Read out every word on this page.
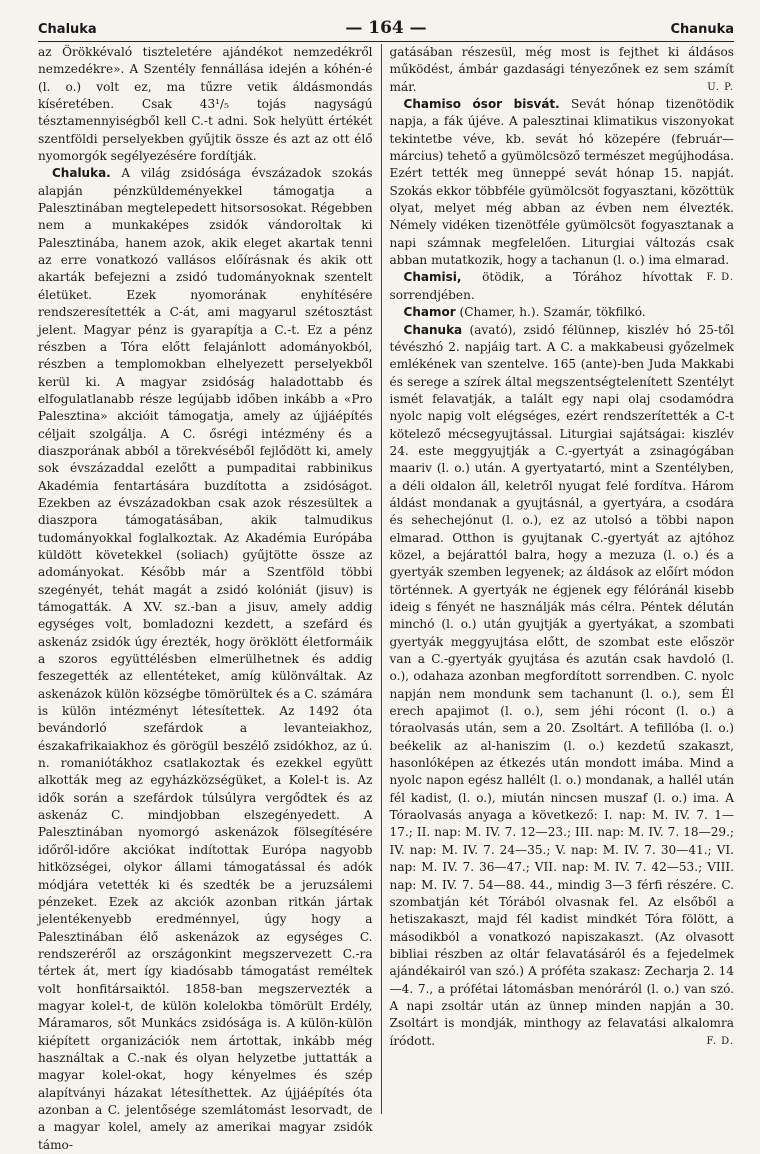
Chaluka	— 164 —	Chanuka

az Örökkévaló tiszteletére ajándékot nemzedékről nemzedékre». A Szentély fennállása idején a kóhén-é (l. o.) volt ez, ma tűzre vetik áldásmondás kíséretében. Csak 43¹/₅ tojás nagyságú tésztamennyiségből kell C.-t adni. Sok helyütt értékét szentföldi perselyekben gyűjtik össze és azt az ott élő nyomorgók segélyezésére fordítják.

Chaluka. A világ zsidósága évszázadok szokás alapján pénzküldeményekkel támogatja a Palesztinában megtelepedett hitsorsosokat. Régebben nem a munkaképes zsidók vándoroltak ki Palesztinába, hanem azok, akik eleget akartak tenni az erre vonatkozó vallásos előírásnak és akik ott akarták befejezni a zsidó tudományoknak szentelt életüket. Ezek nyomorának enyhítésére rendszeresítették a C-át, ami magyarul szétosztást jelent. Magyar pénz is gyarapítja a C.-t. Ez a pénz részben a Tóra előtt felajánlott adományokból, részben a templomokban elhelyezett perselyekből kerül ki. A magyar zsidóság haladottabb és elfogulatlanabb része legújabb időben inkább a «Pro Palesztina» akcióit támogatja, amely az újjáépítés céljait szolgálja. A C. ősrégi intézmény és a diaszporának abból a törekvéséből fejlődött ki, amely sok évszázaddal ezelőtt a pumpaditai rabbinikus Akadémia fentartására buzdította a zsidóságot. Ezekben az évszázadokban csak azok részesültek a diaszpora támogatásában, akik talmudikus tudományokkal foglalkoztak. Az Akadémia Európába küldött követekkel (soliach) gyűjtötte össze az adományokat. Később már a Szentföld többi szegényét, tehát magát a zsidó kolóniát (jisuv) is támogatták. A XV. sz.-ban a jisuv, amely addig egységes volt, bomladozni kezdett, a szefárd és askenáz zsidók úgy érezték, hogy öröklött életformáik a szoros együttélésben elmerülhetnek és addig feszegették az ellentéteket, amíg különváltak. Az askenázok külön községbe tömörültek és a C. számára is külön intézményt létesítettek. Az 1492 óta bevándorló szefárdok a levanteiakhoz, északafrikaiakhoz és görögül beszélő zsidókhoz, az ú. n. romaniótákhoz csatlakoztak és ezekkel együtt alkották meg az egyházközségüket, a Kolel-t is. Az idők során a szefárdok túlsúlyra vergődtek és az askenáz C. mindjobban elszegényedett. A Palesztinában nyomorgó askenázok fölsegítésére időről-időre akciókat indítottak Európa nagyobb hitközségei, olykor állami támogatással és adók módjára vetették ki és szedték be a jeruzsálemi pénzeket. Ezek az akciók azonban ritkán jártak jelentékenyebb eredménnyel, úgy hogy a Palesztinában élő askenázok az egységes C. rendszeréről az országonkint megszervezett C.-ra tértek át, mert így kiadósabb támogatást reméltek volt honfitársaiktól. 1858-ban megszervezték a magyar kolel-t, de külön kolelokba tömörült Erdély, Máramaros, sőt Munkács zsidósága is. A külön-külön kiépített organizációk nem ártottak, inkább még használtak a C.-nak és olyan helyzetbe juttatták a magyar kolel-okat, hogy kényelmes és szép alapítványi házakat létesíthettek. Az újjáépítés óta azonban a C. jelentősége szemlátomást lesorvadt, de a magyar kolel, amely az amerikai magyar zsidók támo-

gatásában részesül, még most is fejthet ki áldásos működést, ámbár gazdasági tényezőnek ez sem számít már.	U. P.

Chamiso ósor bisvát. Sevát hónap tizenötödik napja, a fák újéve. A palesztinai klimatikus viszonyokat tekintetbe véve, kb. sevát hó közepére (február—március) tehető a gyümölcsöző természet megújhodása. Ezért tették meg ünneppé sevát hónap 15. napját. Szokás ekkor többféle gyümölcsöt fogyasztani, közöttük olyat, melyet még abban az évben nem élvezték. Némely vidéken tizenötféle gyümölcsöt fogyasztanak a napi számnak megfelelően. Liturgiai változás csak abban mutatkozik, hogy a tachanun (l. o.) ima elmarad.
F. D.

Chamisi, ötödik, a Tórához hívottak sorrendjében.

Chamor (Chamer, h.). Szamár, tökfilkó.

Chanuka (avató), zsidó félünnep, kiszlév hó 25-től tévészhó 2. napjáig tart. A C. a makkabeusi győzelmek emlékének van szentelve. 165 (ante)-ben Juda Makkabi és serege a szírek által megszentségtelenített Szentélyt ismét felavatják, a talált egy napi olaj csodamódra nyolc napig volt elégséges, ezért rendszerítették a C-t kötelező mécsegyujtással. Liturgiai sajátságai: kiszlév 24. este meggyujtják a C.-gyertyát a zsinagógában maariv (l. o.) után. A gyertyatartó, mint a Szentélyben, a déli oldalon áll, keletről nyugat felé fordítva. Három áldást mondanak a gyujtásnál, a gyertyára, a csodára és sehechejónut (l. o.), ez az utolsó a többi napon elmarad. Otthon is gyujtanak C.-gyertyát az ajtóhoz közel, a bejárattól balra, hogy a mezuza (l. o.) és a gyertyák szemben legyenek; az áldások az előírt módon történnek. A gyertyák ne égjenek egy félóránál kisebb ideig s fényét ne használják más célra. Péntek délután minchó (l. o.) után gyujtják a gyertyákat, a szombati gyertyák meggyujtása előtt, de szombat este először van a C.-gyertyák gyujtása és azután csak havdoló (l. o.), odahaza azonban megfordított sorrendben. C. nyolc napján nem mondunk sem tachanunt (l. o.), sem Él erech apajimot (l. o.), sem jéhi rócont (l. o.) a tóraolvasás után, sem a 20. Zsoltárt. A tefillóba (l. o.) beékelik az al-haniszim (l. o.) kezdetű szakaszt, hasonlóképen az étkezés után mondott imába. Mind a nyolc napon egész hallélt (l. o.) mondanak, a hallél után fél kadist, (l. o.), miután nincsen muszaf (l. o.) ima. A Tóraolvasás anyaga a következő: I. nap: M. IV. 7. 1—17.; II. nap: M. IV. 7. 12—23.; III. nap: M. IV. 7. 18—29.; IV. nap: M. IV. 7. 24—35.; V. nap: M. IV. 7. 30—41.; VI. nap: M. IV. 7. 36—47.; VII. nap: M. IV. 7. 42—53.; VIII. nap: M. IV. 7. 54—88. 44., mindig 3—3 férfi részére. C. szombatján két Tórából olvasnak fel. Az elsőből a hetiszakaszt, majd fél kadist mindkét Tóra fölött, a másodikból a vonatkozó napiszakaszt. (Az olvasott bibliai részben az oltár felavatásáról és a fejedelmek ajándékairól van szó.) A próféta szakasz: Zecharja 2. 14—4. 7., a prófétai látomásban menóráról (l. o.) van szó. A napi zsoltár után az ünnep minden napján a 30. Zsoltárt is mondják, minthogy az felavatási alkalomra íródott.	F. D.
